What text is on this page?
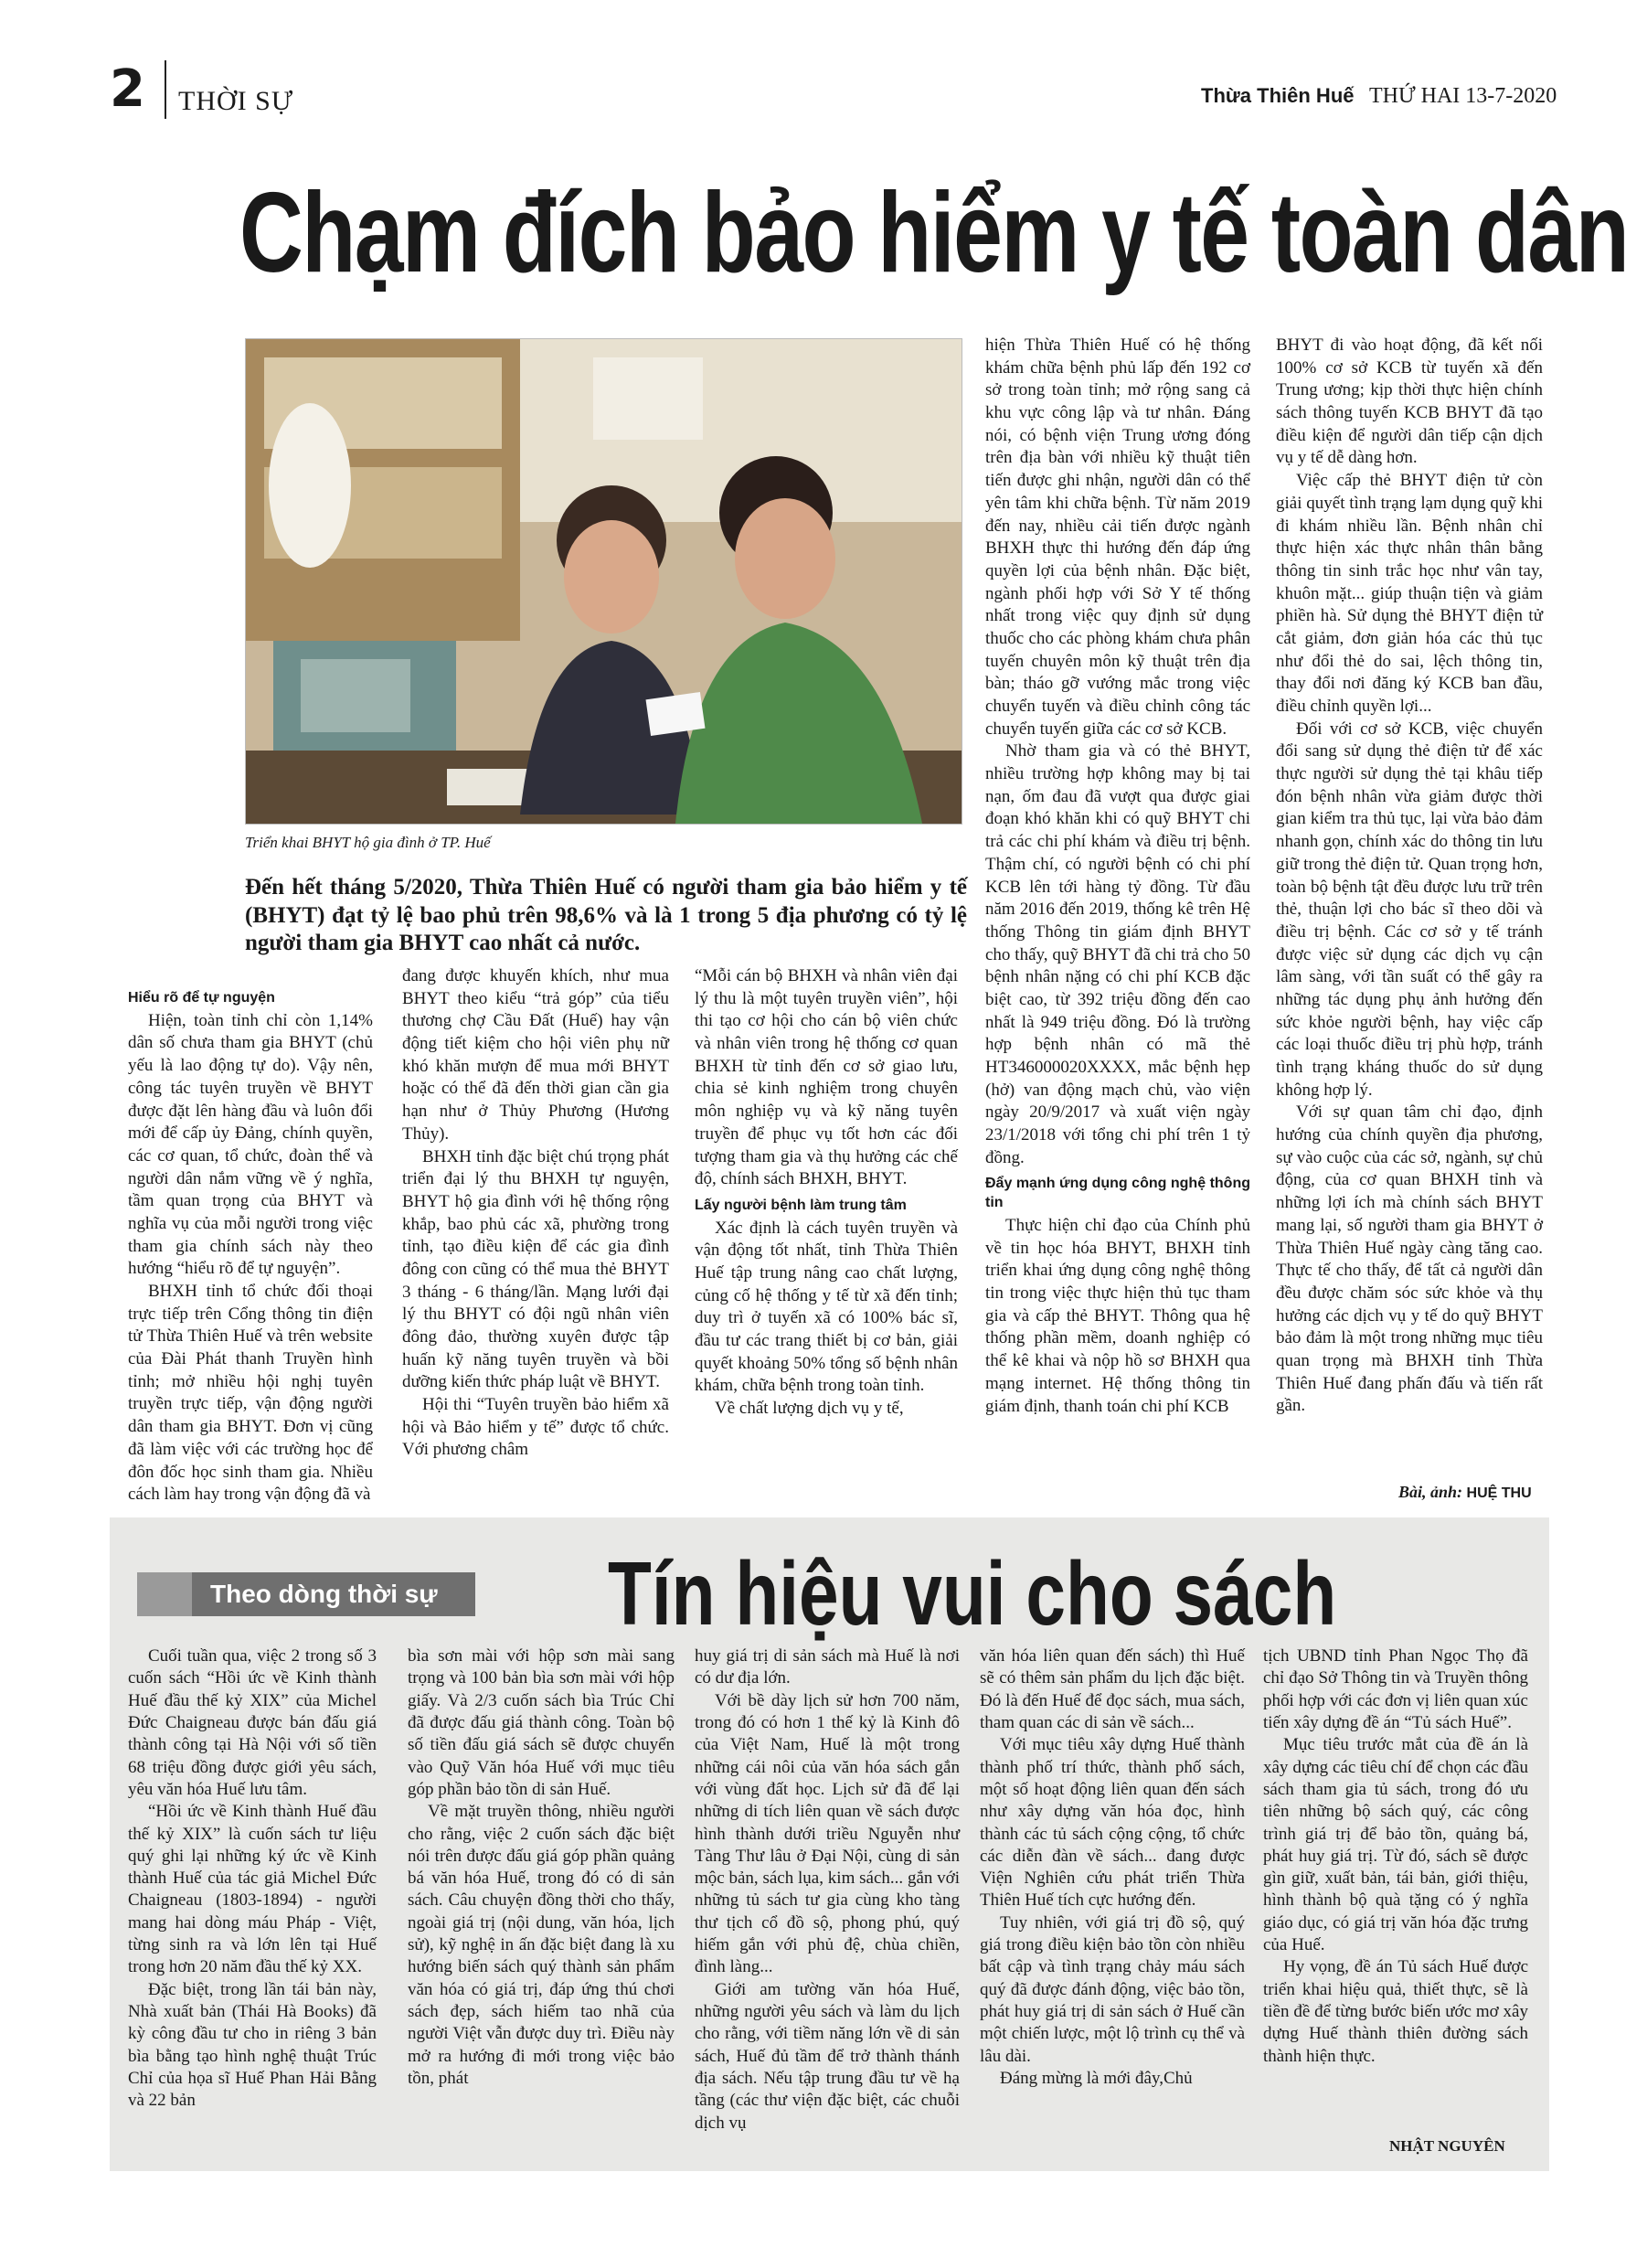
2 THỜI SỰ	Thừa Thiên Huế THỨ HAI 13-7-2020
Chạm đích bảo hiểm y tế toàn dân
Triển khai BHYT hộ gia đình ở TP. Huế
Đến hết tháng 5/2020, Thừa Thiên Huế có người tham gia bảo hiểm y tế (BHYT) đạt tỷ lệ bao phủ trên 98,6% và là 1 trong 5 địa phương có tỷ lệ người tham gia BHYT cao nhất cả nước.

Hiểu rõ để tự nguyện

Hiện, toàn tỉnh chỉ còn 1,14% dân số chưa tham gia BHYT (chủ yếu là lao động tự do). Vậy nên, công tác tuyên truyền về BHYT được đặt lên hàng đầu và luôn đổi mới để cấp ủy Đảng, chính quyền, các cơ quan, tổ chức, đoàn thể và người dân nắm vững về ý nghĩa, tầm quan trọng của BHYT và nghĩa vụ của mỗi người trong việc tham gia chính sách này theo hướng “hiểu rõ để tự nguyện”.

BHXH tỉnh tổ chức đối thoại trực tiếp trên Cổng thông tin điện tử Thừa Thiên Huế và trên website của Đài Phát thanh Truyền hình tỉnh; mở nhiều hội nghị tuyên truyền trực tiếp, vận động người dân tham gia BHYT. Đơn vị cũng đã làm việc với các trường học để đôn đốc học sinh tham gia. Nhiều cách làm hay trong vận động đã và

đang được khuyến khích, như mua BHYT theo kiểu “trả góp” của tiểu thương chợ Cầu Đất (Huế) hay vận động tiết kiệm cho hội viên phụ nữ khó khăn mượn để mua mới BHYT hoặc có thể đã đến thời gian cần gia hạn như ở Thủy Phương (Hương Thủy).

BHXH tỉnh đặc biệt chú trọng phát triển đại lý thu BHXH tự nguyện, BHYT hộ gia đình với hệ thống rộng khắp, bao phủ các xã, phường trong tỉnh, tạo điều kiện để các gia đình đông con cũng có thể mua thẻ BHYT 3 tháng - 6 tháng/lần. Mạng lưới đại lý thu BHYT có đội ngũ nhân viên đông đảo, thường xuyên được tập huấn kỹ năng tuyên truyền và bồi dưỡng kiến thức pháp luật về BHYT.

Hội thi “Tuyên truyền bảo hiểm xã hội và Bảo hiểm y tế” được tổ chức. Với phương châm

“Mỗi cán bộ BHXH và nhân viên đại lý thu là một tuyên truyền viên”, hội thi tạo cơ hội cho cán bộ viên chức và nhân viên trong hệ thống cơ quan BHXH từ tỉnh đến cơ sở giao lưu, chia sẻ kinh nghiệm trong chuyên môn nghiệp vụ và kỹ năng tuyên truyền để phục vụ tốt hơn các đối tượng tham gia và thụ hưởng các chế độ, chính sách BHXH, BHYT.

Lấy người bệnh làm trung tâm

Xác định là cách tuyên truyền và vận động tốt nhất, tỉnh Thừa Thiên Huế tập trung nâng cao chất lượng, củng cố hệ thống y tế từ xã đến tỉnh; duy trì ở tuyến xã có 100% bác sĩ, đầu tư các trang thiết bị cơ bản, giải quyết khoảng 50% tổng số bệnh nhân khám, chữa bệnh trong toàn tỉnh.

Về chất lượng dịch vụ y tế,

hiện Thừa Thiên Huế có hệ thống khám chữa bệnh phủ lấp đến 192 cơ sở trong toàn tỉnh; mở rộng sang cả khu vực công lập và tư nhân. Đáng nói, có bệnh viện Trung ương đóng trên địa bàn với nhiều kỹ thuật tiên tiến được ghi nhận, người dân có thể yên tâm khi chữa bệnh. Từ năm 2019 đến nay, nhiều cải tiến được ngành BHXH thực thi hướng đến đáp ứng quyền lợi của bệnh nhân. Đặc biệt, ngành phối hợp với Sở Y tế thống nhất trong việc quy định sử dụng thuốc cho các phòng khám chưa phân tuyến chuyên môn kỹ thuật trên địa bàn; tháo gỡ vướng mắc trong việc chuyển tuyến và điều chỉnh công tác chuyển tuyến giữa các cơ sở KCB.

Nhờ tham gia và có thẻ BHYT, nhiều trường hợp không may bị tai nạn, ốm đau đã vượt qua được giai đoạn khó khăn khi có quỹ BHYT chi trả các chi phí khám và điều trị bệnh. Thậm chí, có người bệnh có chi phí KCB lên tới hàng tỷ đồng. Từ đầu năm 2016 đến 2019, thống kê trên Hệ thống Thông tin giám định BHYT cho thấy, quỹ BHYT đã chi trả cho 50 bệnh nhân nặng có chi phí KCB đặc biệt cao, từ 392 triệu đồng đến cao nhất là 949 triệu đồng. Đó là trường hợp bệnh nhân có mã thẻ HT346000020XXXX, mắc bệnh hẹp (hở) van động mạch chủ, vào viện ngày 20/9/2017 và xuất viện ngày 23/1/2018 với tổng chi phí trên 1 tỷ đồng.

Đẩy mạnh ứng dụng công nghệ thông tin

Thực hiện chỉ đạo của Chính phủ về tin học hóa BHYT, BHXH tỉnh triển khai ứng dụng công nghệ thông tin trong việc thực hiện thủ tục tham gia và cấp thẻ BHYT. Thông qua hệ thống phần mềm, doanh nghiệp có thể kê khai và nộp hồ sơ BHXH qua mạng internet. Hệ thống thông tin giám định, thanh toán chi phí KCB

BHYT đi vào hoạt động, đã kết nối 100% cơ sở KCB từ tuyến xã đến Trung ương; kịp thời thực hiện chính sách thông tuyến KCB BHYT đã tạo điều kiện để người dân tiếp cận dịch vụ y tế dễ dàng hơn.

Việc cấp thẻ BHYT điện tử còn giải quyết tình trạng lạm dụng quỹ khi đi khám nhiều lần. Bệnh nhân chỉ thực hiện xác thực nhân thân bằng thông tin sinh trắc học như vân tay, khuôn mặt... giúp thuận tiện và giảm phiền hà. Sử dụng thẻ BHYT điện tử cắt giảm, đơn giản hóa các thủ tục như đổi thẻ do sai, lệch thông tin, thay đổi nơi đăng ký KCB ban đầu, điều chỉnh quyền lợi...

Đối với cơ sở KCB, việc chuyển đổi sang sử dụng thẻ điện tử để xác thực người sử dụng thẻ tại khâu tiếp đón bệnh nhân vừa giảm được thời gian kiểm tra thủ tục, lại vừa bảo đảm nhanh gọn, chính xác do thông tin lưu giữ trong thẻ điện tử. Quan trọng hơn, toàn bộ bệnh tật đều được lưu trữ trên thẻ, thuận lợi cho bác sĩ theo dõi và điều trị bệnh. Các cơ sở y tế tránh được việc sử dụng các dịch vụ cận lâm sàng, với tần suất có thể gây ra những tác dụng phụ ảnh hưởng đến sức khỏe người bệnh, hay việc cấp các loại thuốc điều trị phù hợp, tránh tình trạng kháng thuốc do sử dụng không hợp lý.

Với sự quan tâm chỉ đạo, định hướng của chính quyền địa phương, sự vào cuộc của các sở, ngành, sự chủ động, của cơ quan BHXH tỉnh và những lợi ích mà chính sách BHYT mang lại, số người tham gia BHYT ở Thừa Thiên Huế ngày càng tăng cao. Thực tế cho thấy, để tất cả người dân đều được chăm sóc sức khỏe và thụ hưởng các dịch vụ y tế do quỹ BHYT bảo đảm là một trong những mục tiêu quan trọng mà BHXH tỉnh Thừa Thiên Huế đang phấn đấu và tiến rất gần.

Bài, ảnh: HUỆ THU
Theo dòng thời sự Tín hiệu vui cho sách

Cuối tuần qua, việc 2 trong số 3 cuốn sách “Hồi ức về Kinh thành Huế đầu thế kỷ XIX” của Michel Đức Chaigneau được bán đấu giá thành công tại Hà Nội với số tiền 68 triệu đồng được giới yêu sách, yêu văn hóa Huế lưu tâm.

“Hồi ức về Kinh thành Huế đầu thế kỷ XIX” là cuốn sách tư liệu quý ghi lại những ký ức về Kinh thành Huế của tác giả Michel Đức Chaigneau (1803-1894) - người mang hai dòng máu Pháp - Việt, từng sinh ra và lớn lên tại Huế trong hơn 20 năm đầu thế kỷ XX.

Đặc biệt, trong lần tái bản này, Nhà xuất bản (Thái Hà Books) đã kỳ công đầu tư cho in riêng 3 bản bìa bằng tạo hình nghệ thuật Trúc Chỉ của họa sĩ Huế Phan Hải Bằng và 22 bản

bìa sơn mài với hộp sơn mài sang trọng và 100 bản bìa sơn mài với hộp giấy. Và 2/3 cuốn sách bìa Trúc Chỉ đã được đấu giá thành công. Toàn bộ số tiền đấu giá sách sẽ được chuyển vào Quỹ Văn hóa Huế với mục tiêu góp phần bảo tồn di sản Huế.

Về mặt truyền thông, nhiều người cho rằng, việc 2 cuốn sách đặc biệt nói trên được đấu giá góp phần quảng bá văn hóa Huế, trong đó có di sản sách. Câu chuyện đồng thời cho thấy, ngoài giá trị (nội dung, văn hóa, lịch sử), kỹ nghệ in ấn đặc biệt đang là xu hướng biến sách quý thành sản phẩm văn hóa có giá trị, đáp ứng thú chơi sách đẹp, sách hiếm tao nhã của người Việt vẫn được duy trì. Điều này mở ra hướng đi mới trong việc bảo tồn, phát

huy giá trị di sản sách mà Huế là nơi có dư địa lớn.

Với bề dày lịch sử hơn 700 năm, trong đó có hơn 1 thế kỷ là Kinh đô của Việt Nam, Huế là một trong những cái nôi của văn hóa sách gắn với vùng đất học. Lịch sử đã để lại những di tích liên quan về sách được hình thành dưới triều Nguyễn như Tàng Thư lâu ở Đại Nội, cùng di sản mộc bản, sách lụa, kim sách... gắn với những tủ sách tư gia cùng kho tàng thư tịch cổ đồ sộ, phong phú, quý hiếm gắn với phủ đệ, chùa chiền, đình làng...

Giới am tường văn hóa Huế, những người yêu sách và làm du lịch cho rằng, với tiềm năng lớn về di sản sách, Huế đủ tầm để trở thành thánh địa sách. Nếu tập trung đầu tư về hạ tầng (các thư viện đặc biệt, các chuỗi dịch vụ

văn hóa liên quan đến sách) thì Huế sẽ có thêm sản phẩm du lịch đặc biệt. Đó là đến Huế để đọc sách, mua sách, tham quan các di sản về sách...

Với mục tiêu xây dựng Huế thành thành phố trí thức, thành phố sách, một số hoạt động liên quan đến sách như xây dựng văn hóa đọc, hình thành các tủ sách cộng cộng, tổ chức các diễn đàn về sách... đang được Viện Nghiên cứu phát triển Thừa Thiên Huế tích cực hướng đến.

Tuy nhiên, với giá trị đồ sộ, quý giá trong điều kiện bảo tồn còn nhiều bất cập và tình trạng chảy máu sách quý đã được đánh động, việc bảo tồn, phát huy giá trị di sản sách ở Huế cần một chiến lược, một lộ trình cụ thể và lâu dài.

Đáng mừng là mới đây,Chủ

tịch UBND tỉnh Phan Ngọc Thọ đã chỉ đạo Sở Thông tin và Truyền thông phối hợp với các đơn vị liên quan xúc tiến xây dựng đề án “Tủ sách Huế”.

Mục tiêu trước mắt của đề án là xây dựng các tiêu chí để chọn các đầu sách tham gia tủ sách, trong đó ưu tiên những bộ sách quý, các công trình giá trị để bảo tồn, quảng bá, phát huy giá trị. Từ đó, sách sẽ được gìn giữ, xuất bản, tái bản, giới thiệu, hình thành bộ quà tặng có ý nghĩa giáo dục, có giá trị văn hóa đặc trưng của Huế.

Hy vọng, đề án Tủ sách Huế được triển khai hiệu quả, thiết thực, sẽ là tiền đề để từng bước biến ước mơ xây dựng Huế thành thiên đường sách thành hiện thực.

NHẬT NGUYÊN
